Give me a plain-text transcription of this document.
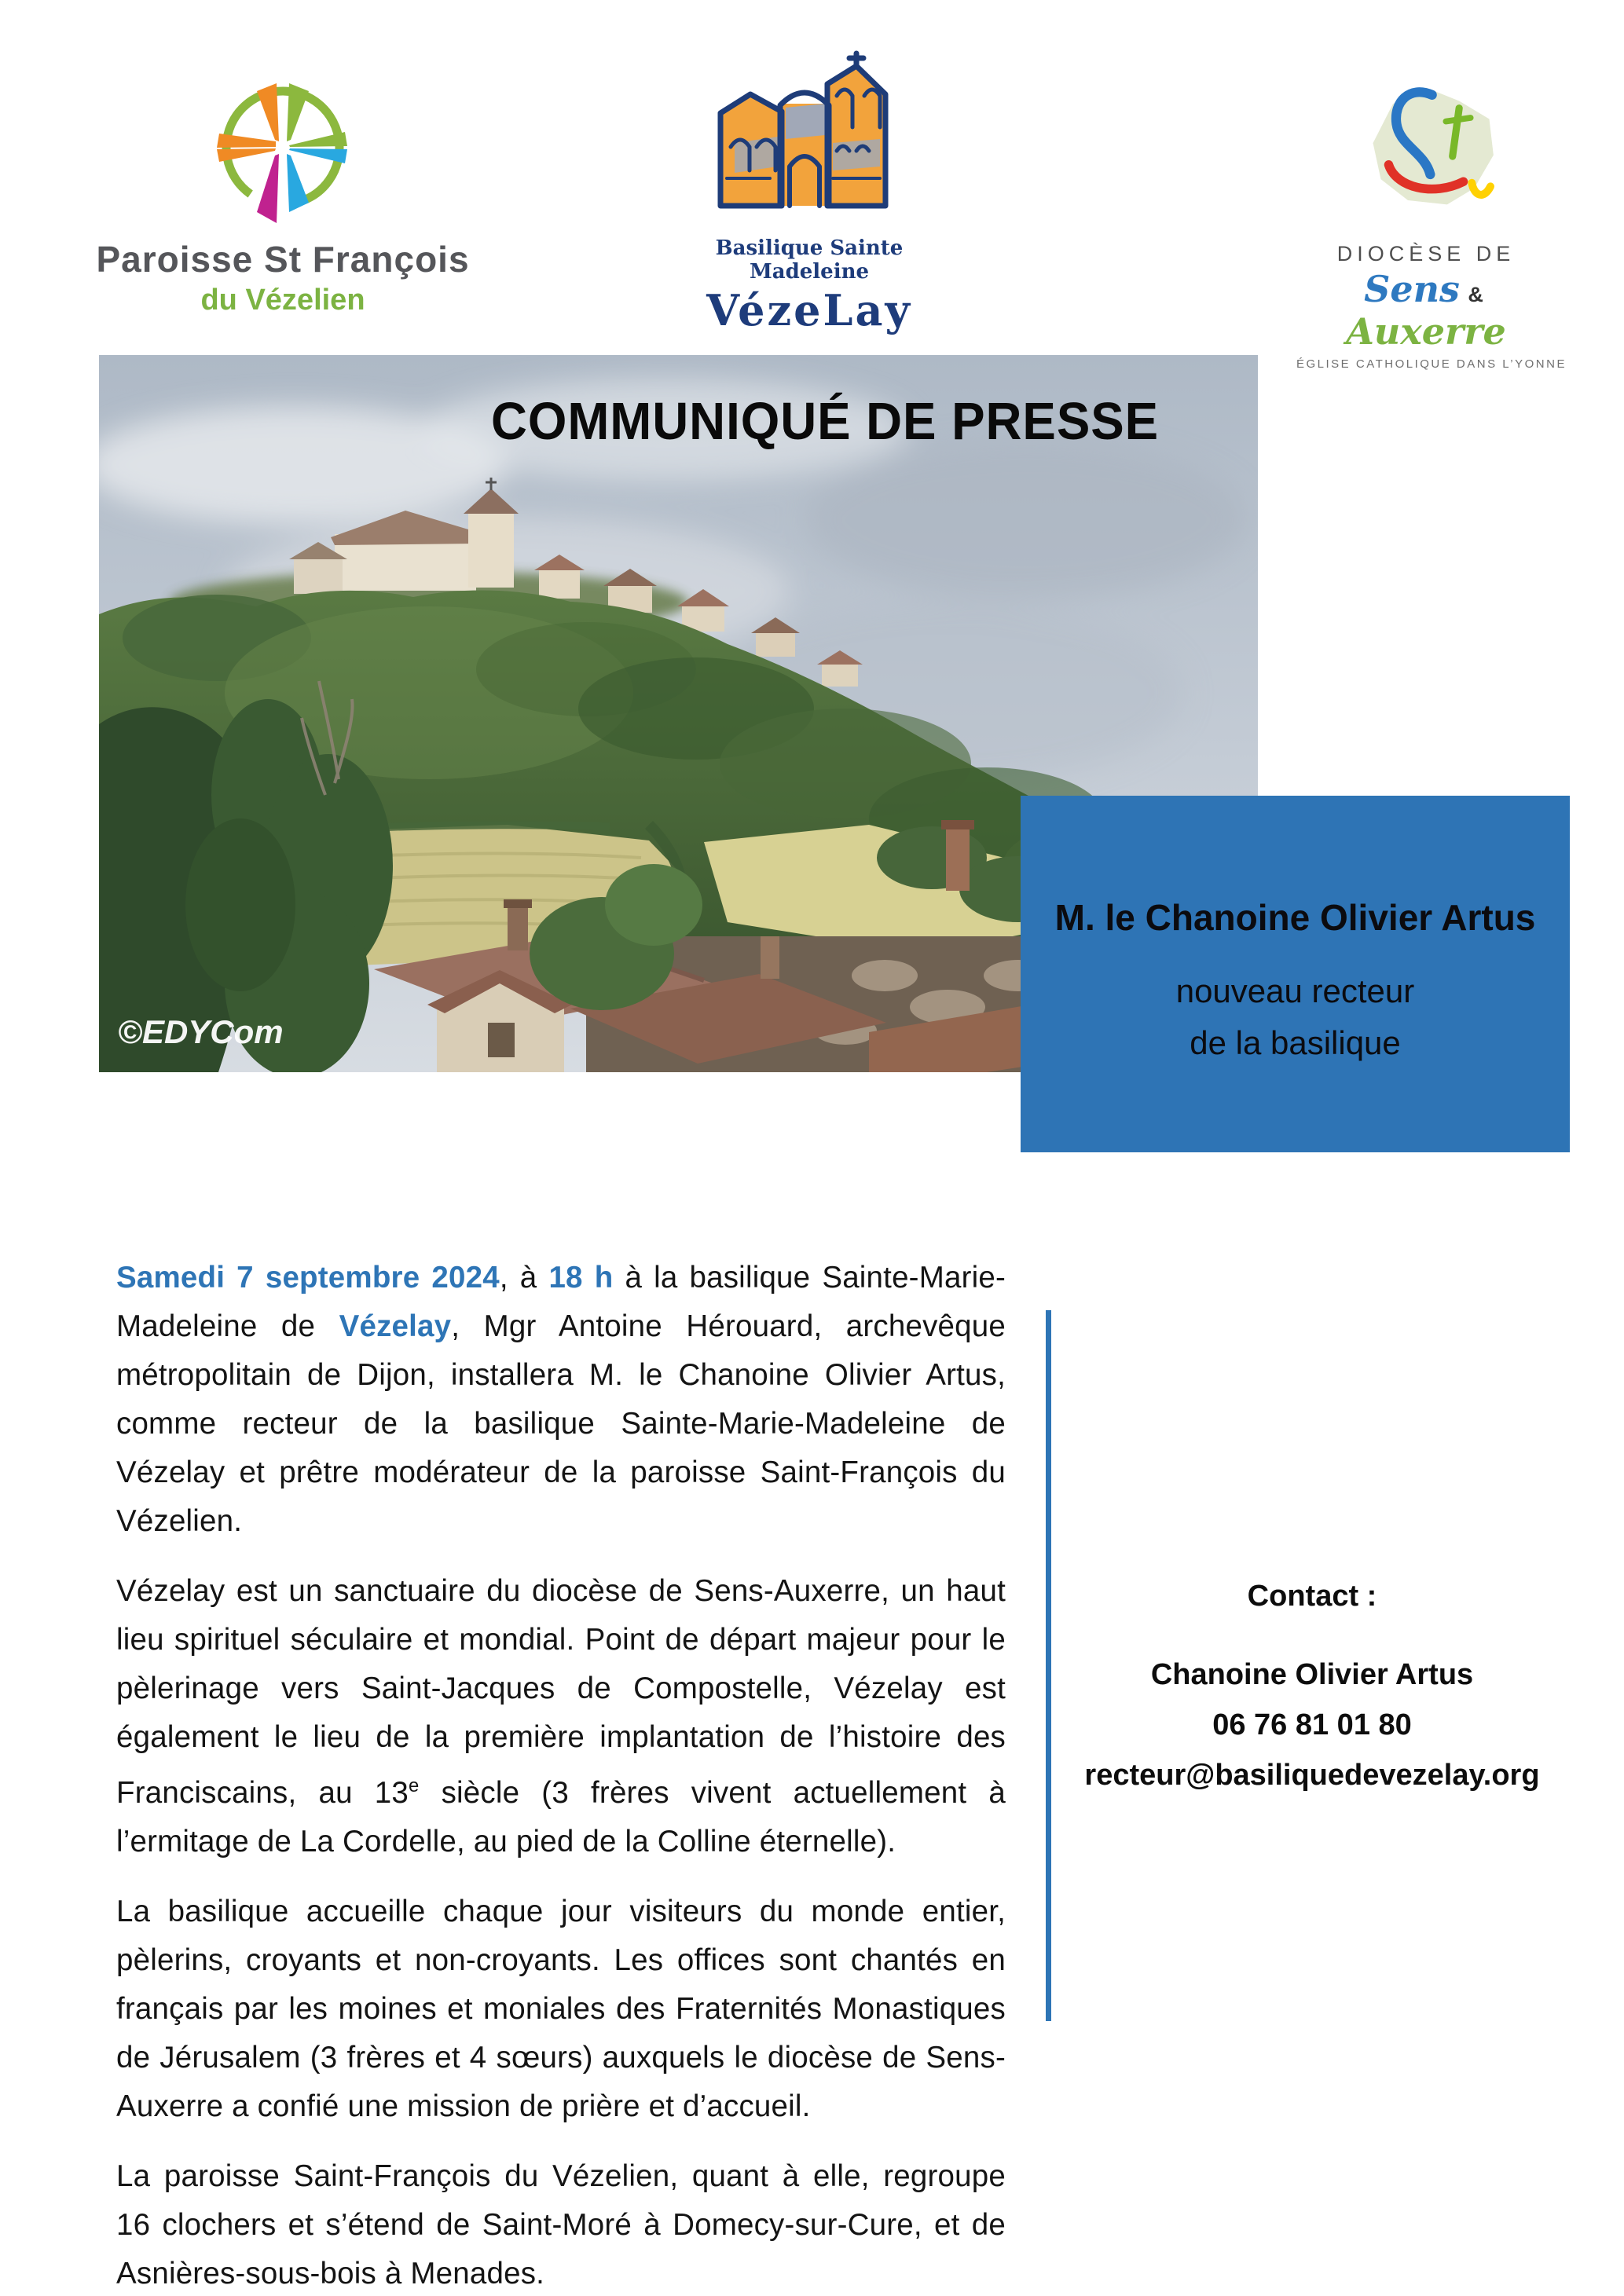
Paroisse St François
du Vézelien
Basilique Sainte Madeleine
VézeLay
DIOCÈSE DE
Sens & Auxerre
ÉGLISE CATHOLIQUE DANS L’YONNE
©EDYCom
COMMUNIQUÉ DE PRESSE
M. le Chanoine Olivier Artus
nouveau recteur
de la basilique

Samedi 7 septembre 2024, à 18 h à la basilique Sainte-Marie-Madeleine de Vézelay, Mgr Antoine Hérouard, archevêque métropolitain de Dijon, installera M. le Chanoine Olivier Artus, comme recteur de la basilique Sainte-Marie-Madeleine de Vézelay et prêtre modérateur de la paroisse Saint-François du Vézelien.

Vézelay est un sanctuaire du diocèse de Sens-Auxerre, un haut lieu spirituel séculaire et mondial. Point de départ majeur pour le pèlerinage vers Saint-Jacques de Compostelle, Vézelay est également le lieu de la première implantation de l’histoire des Franciscains, au 13e siècle (3 frères vivent actuellement à l’ermitage de La Cordelle, au pied de la Colline éternelle).

La basilique accueille chaque jour visiteurs du monde entier, pèlerins, croyants et non-croyants. Les offices sont chantés en français par les moines et moniales des Fraternités Monastiques de Jérusalem (3 frères et 4 sœurs) auxquels le diocèse de Sens-Auxerre a confié une mission de prière et d’accueil.

La paroisse Saint-François du Vézelien, quant à elle, regroupe 16 clochers et s’étend de Saint-Moré à Domecy-sur-Cure, et de Asnières-sous-bois à Menades.

Contact :
Chanoine Olivier Artus
06 76 81 01 80
recteur@basiliquedevezelay.org
